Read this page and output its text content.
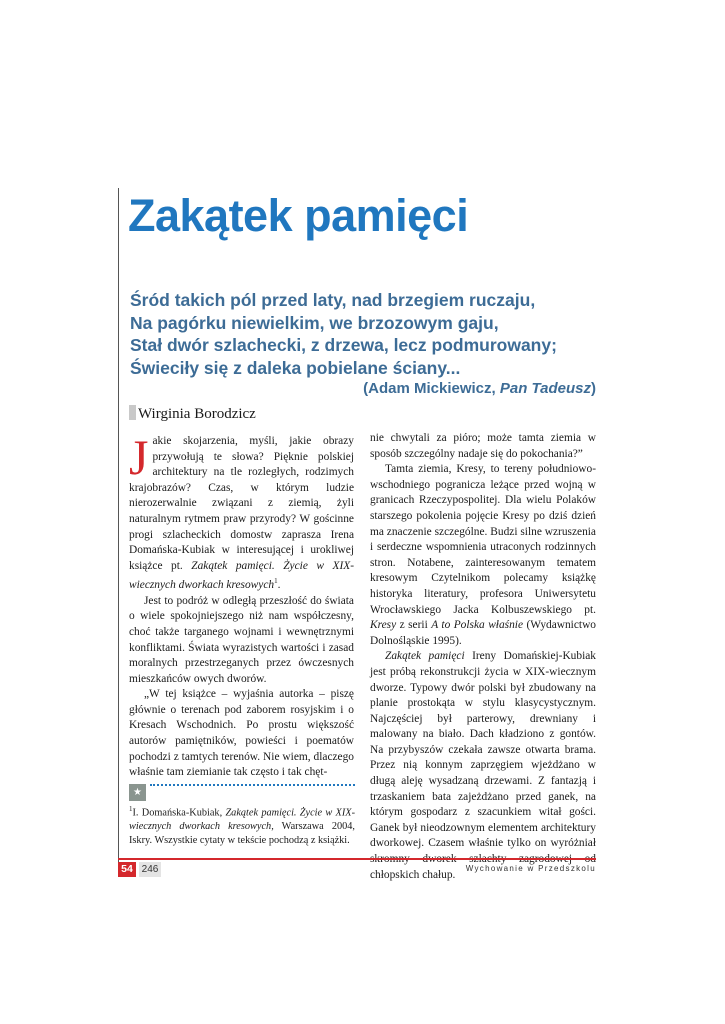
Zakątek pamięci
Śród takich pól przed laty, nad brzegiem ruczaju,
Na pagórku niewielkim, we brzozowym gaju,
Stał dwór szlachecki, z drzewa, lecz podmurowany;
Świeciły się z daleka pobielane ściany...
(Adam Mickiewicz, Pan Tadeusz)
Wirginia Borodzicz

Jakie skojarzenia, myśli, jakie obrazy przywołują te słowa? Pięknie polskiej architektury na tle rozległych, rodzimych krajobrazów? Czas, w którym ludzie nierozerwalnie związani z ziemią, żyli naturalnym rytmem praw przyrody? W gościnne progi szlacheckich domostw zaprasza Irena Domańska-Kubiak w interesującej i urokliwej książce pt. Zakątek pamięci. Życie w XIX-wiecznych dworkach kresowych$^1$.

Jest to podróż w odległą przeszłość do świata o wiele spokojniejszego niż nam współczesny, choć także targanego wojnami i wewnętrznymi konfliktami. Świata wyrazistych wartości i zasad moralnych przestrzeganych przez ówczesnych mieszkańców owych dworów.

„W tej książce – wyjaśnia autorka – piszę głównie o terenach pod zaborem rosyjskim i o Kresach Wschodnich. Po prostu większość autorów pamiętników, powieści i poematów pochodzi z tamtych terenów. Nie wiem, dlaczego właśnie tam ziemianie tak często i tak chęt-

nie chwytali za pióro; może tamta ziemia w sposób szczególny nadaje się do pokochania?”

Tamta ziemia, Kresy, to tereny południowo-wschodniego pogranicza leżące przed wojną w granicach Rzeczypospolitej. Dla wielu Polaków starszego pokolenia pojęcie Kresy po dziś dzień ma znaczenie szczególne. Budzi silne wzruszenia i serdeczne wspomnienia utraconych rodzinnych stron. Notabene, zainteresowanym tematem kresowym Czytelnikom polecamy książkę historyka literatury, profesora Uniwersytetu Wrocławskiego Jacka Kolbuszewskiego pt. Kresy z serii A to Polska właśnie (Wydawnictwo Dolnośląskie 1995).

Zakątek pamięci Ireny Domańskiej-Kubiak jest próbą rekonstrukcji życia w XIX-wiecznym dworze. Typowy dwór polski był zbudowany na planie prostokąta w stylu klasycystycznym. Najczęściej był parterowy, drewniany i malowany na biało. Dach kładziono z gontów. Na przybyszów czekała zawsze otwarta brama. Przez nią konnym zaprzęgiem wjeżdżano w długą aleję wysadzaną drzewami. Z fantazją i trzaskaniem bata zajeżdżano przed ganek, na którym gospodarz z szacunkiem witał gości. Ganek był nieodzownym elementem architektury dworkowej. Czasem właśnie tylko on wyróżniał chłopskich chałup.

★
$^1$I. Domańska-Kubiak, Zakątek pamięci. Życie w XIX-wiecznych dworkach kresowych, Warszawa 2004, Iskry. Wszystkie cytaty w tekście pochodzą z książki.
54 246	Wychowanie w Przedszkolu
